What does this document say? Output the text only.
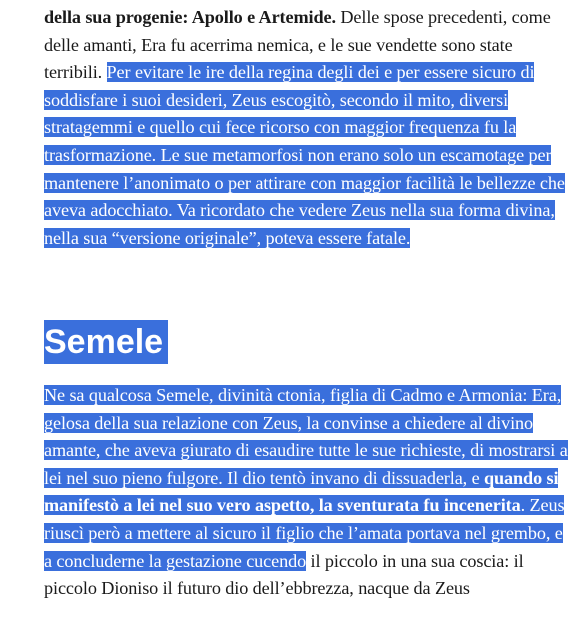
della sua progenie: Apollo e Artemide. Delle spose precedenti, come delle amanti, Era fu acerrima nemica, e le sue vendette sono state terribili. Per evitare le ire della regina degli dei e per essere sicuro di soddisfare i suoi desideri, Zeus escogitò, secondo il mito, diversi stratagemmi e quello cui fece ricorso con maggior frequenza fu la trasformazione. Le sue metamorfosi non erano solo un escamotage per mantenere l’anonimato o per attirare con maggior facilità le bellezze che aveva adocchiato. Va ricordato che vedere Zeus nella sua forma divina, nella sua “versione originale”, poteva essere fatale.

Semele

Ne sa qualcosa Semele, divinità ctonia, figlia di Cadmo e Armonia: Era, gelosa della sua relazione con Zeus, la convinse a chiedere al divino amante, che aveva giurato di esaudire tutte le sue richieste, di mostrarsi a lei nel suo pieno fulgore. Il dio tentò invano di dissuaderla, e quando si manifestò a lei nel suo vero aspetto, la sventurata fu incenerita. Zeus riuscì però a mettere al sicuro il figlio che l’amata portava nel grembo, e a concluderne la gestazione cucendo il piccolo in una sua coscia: il piccolo Dioniso il futuro dio dell’ebbrezza, nacque da Zeus
